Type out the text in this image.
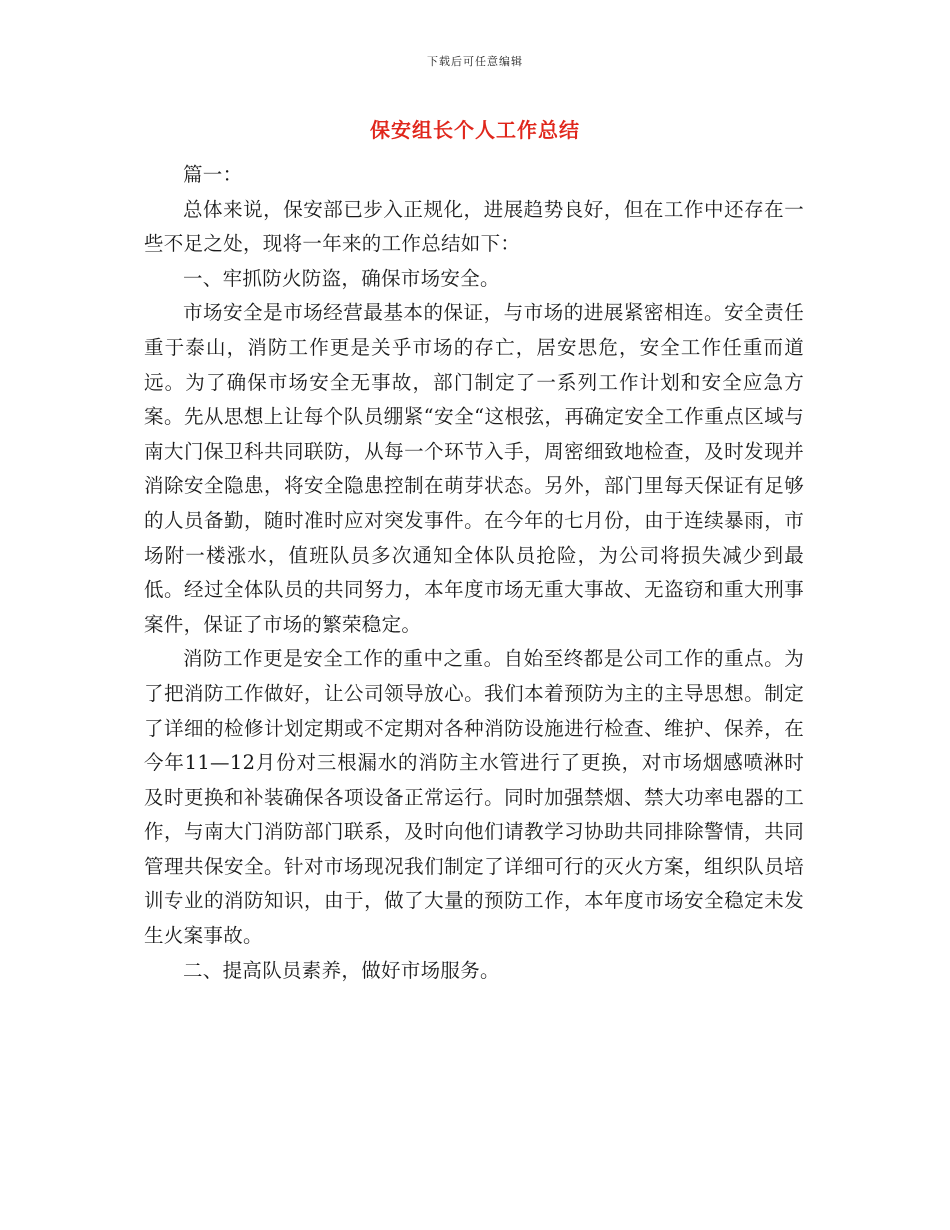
下载后可任意编辑
保安组长个人工作总结

篇一：

总体来说，保安部已步入正规化，进展趋势良好，但在工作中还存在一些不足之处，现将一年来的工作总结如下：

一、牢抓防火防盗，确保市场安全。

市场安全是市场经营最基本的保证，与市场的进展紧密相连。安全责任重于泰山，消防工作更是关乎市场的存亡，居安思危，安全工作任重而道远。为了确保市场安全无事故，部门制定了一系列工作计划和安全应急方案。先从思想上让每个队员绷紧“安全“这根弦，再确定安全工作重点区域与南大门保卫科共同联防，从每一个环节入手，周密细致地检查，及时发现并消除安全隐患，将安全隐患控制在萌芽状态。另外，部门里每天保证有足够的人员备勤，随时准时应对突发事件。在今年的七月份，由于连续暴雨，市场附一楼涨水，值班队员多次通知全体队员抢险，为公司将损失减少到最低。经过全体队员的共同努力，本年度市场无重大事故、无盗窃和重大刑事案件，保证了市场的繁荣稳定。

消防工作更是安全工作的重中之重。自始至终都是公司工作的重点。为了把消防工作做好，让公司领导放心。我们本着预防为主的主导思想。制定了详细的检修计划定期或不定期对各种消防设施进行检查、维护、保养，在今年11—12月份对三根漏水的消防主水管进行了更换，对市场烟感喷淋时及时更换和补装确保各项设备正常运行。同时加强禁烟、禁大功率电器的工作，与南大门消防部门联系，及时向他们请教学习协助共同排除警情，共同管理共保安全。针对市场现况我们制定了详细可行的灭火方案，组织队员培训专业的消防知识，由于，做了大量的预防工作，本年度市场安全稳定未发生火案事故。

二、提高队员素养，做好市场服务。
